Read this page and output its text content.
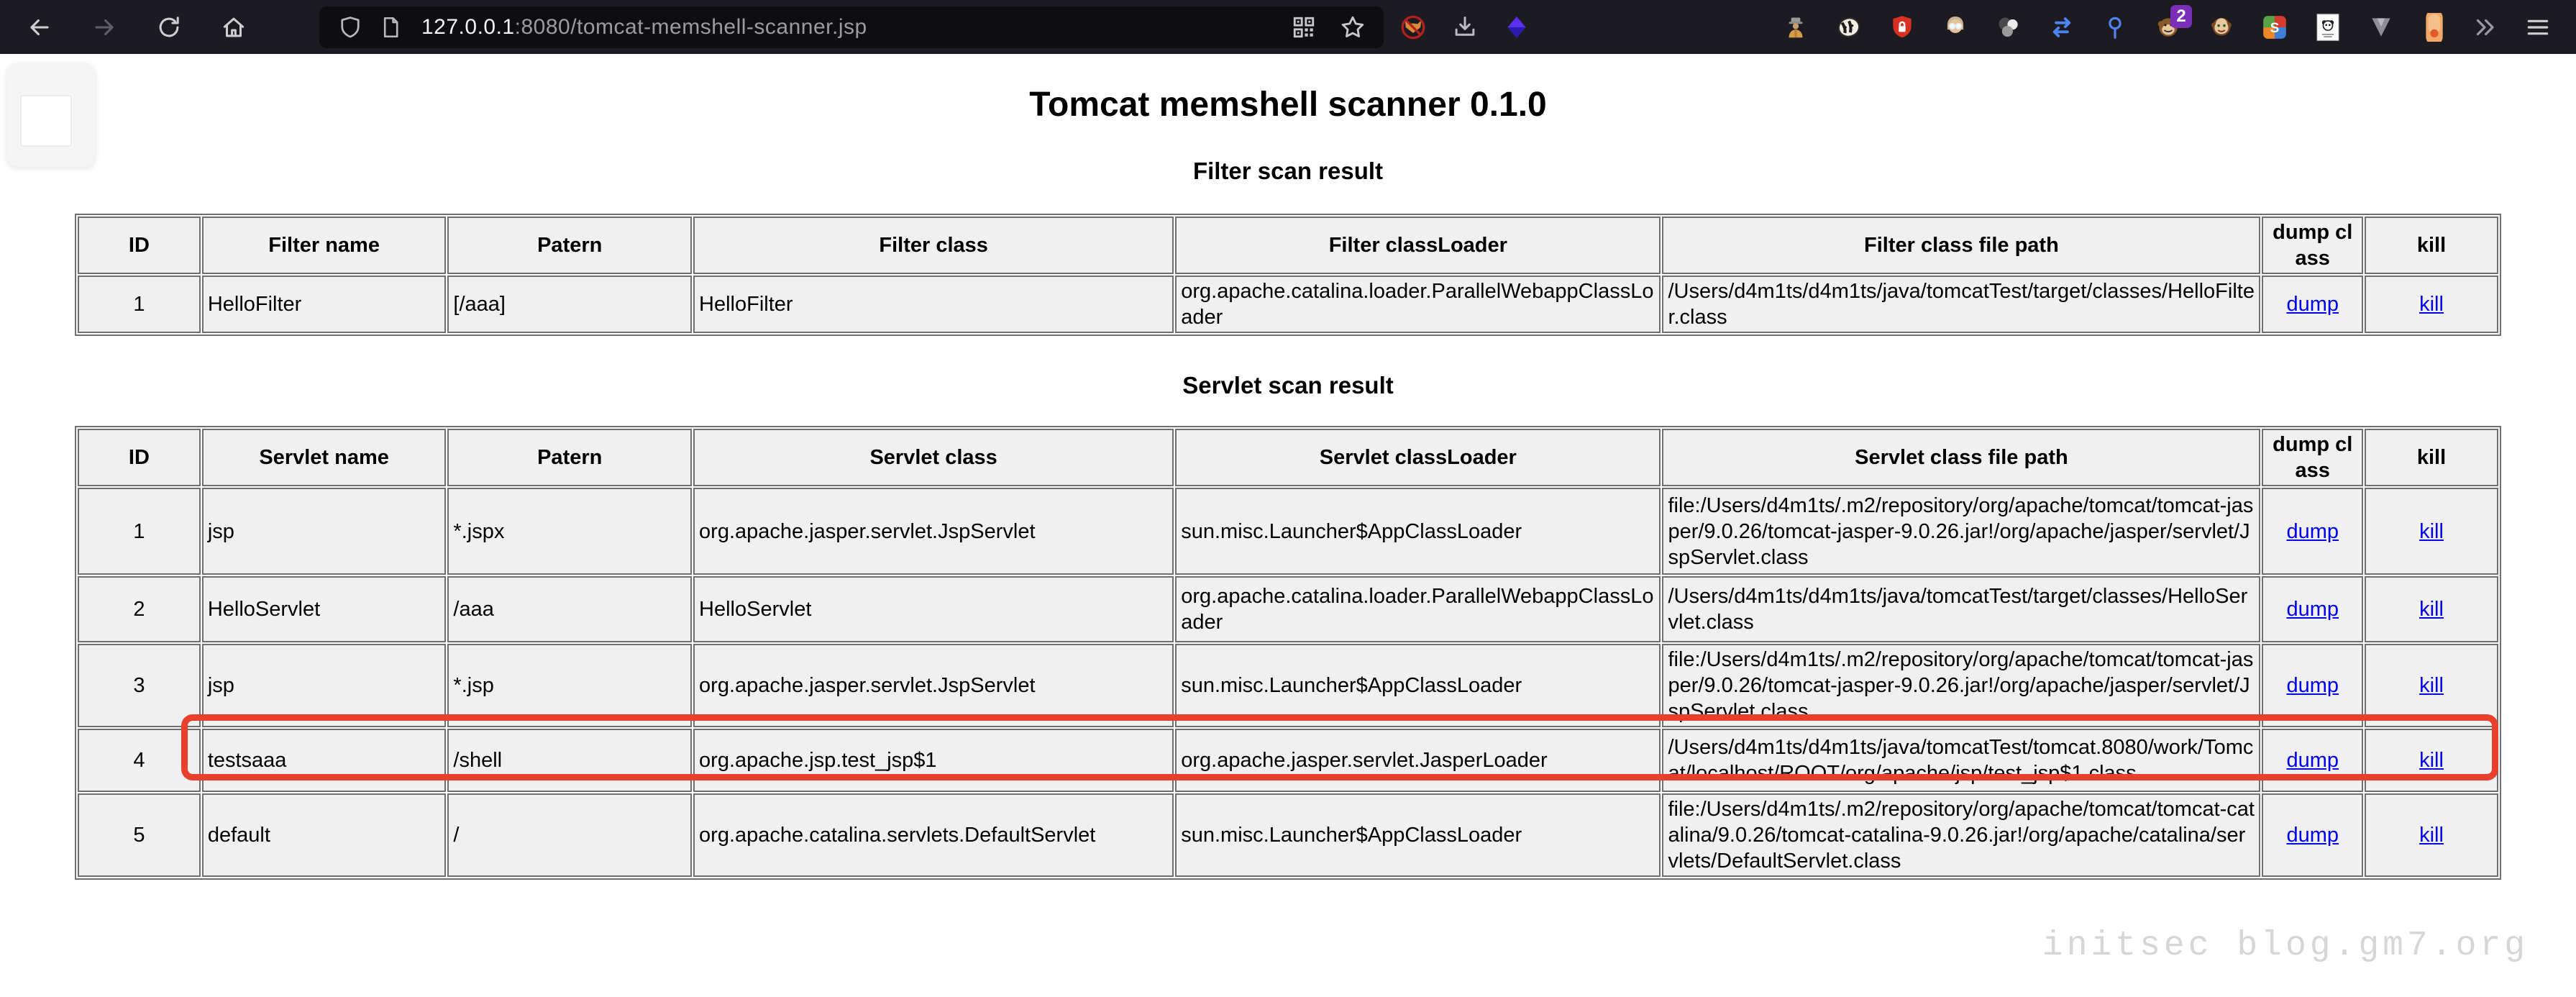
127.0.0.1:8080/tomcat-memshell-scanner.jsp	2
S
Tomcat memshell scanner 0.1.0
Filter scan result
ID	Filter name	Patern	Filter class	Filter classLoader	Filter class file path	dump class	kill
1	HelloFilter	[/aaa]	HelloFilter	org.apache.catalina.loader.ParallelWebappClassLoader	/Users/d4m1ts/d4m1ts/java/tomcatTest/target/classes/HelloFilter.class	dump	kill
Servlet scan result
ID	Servlet name	Patern	Servlet class	Servlet classLoader	Servlet class file path	dump class	kill
1	jsp	*.jspx	org.apache.jasper.servlet.JspServlet	sun.misc.Launcher$AppClassLoader	file:/Users/d4m1ts/.m2/repository/org/apache/tomcat/tomcat-jasper/9.0.26/tomcat-jasper-9.0.26.jar!/org/apache/jasper/servlet/JspServlet.class	dump	kill
2	HelloServlet	/aaa	HelloServlet	org.apache.catalina.loader.ParallelWebappClassLoader	/Users/d4m1ts/d4m1ts/java/tomcatTest/target/classes/HelloServlet.class	dump	kill
3	jsp	*.jsp	org.apache.jasper.servlet.JspServlet	sun.misc.Launcher$AppClassLoader	file:/Users/d4m1ts/.m2/repository/org/apache/tomcat/tomcat-jasper/9.0.26/tomcat-jasper-9.0.26.jar!/org/apache/jasper/servlet/JspServlet.class	dump	kill
4	testsaaa	/shell	org.apache.jsp.test_jsp$1	org.apache.jasper.servlet.JasperLoader	/Users/d4m1ts/d4m1ts/java/tomcatTest/tomcat.8080/work/Tomcat/localhost/ROOT/org/apache/jsp/test_jsp$1.class	dump	kill
5	default	/	org.apache.catalina.servlets.DefaultServlet	sun.misc.Launcher$AppClassLoader	file:/Users/d4m1ts/.m2/repository/org/apache/tomcat/tomcat-catalina/9.0.26/tomcat-catalina-9.0.26.jar!/org/apache/catalina/servlets/DefaultServlet.class	dump	kill
initsec blog.gm7.org
